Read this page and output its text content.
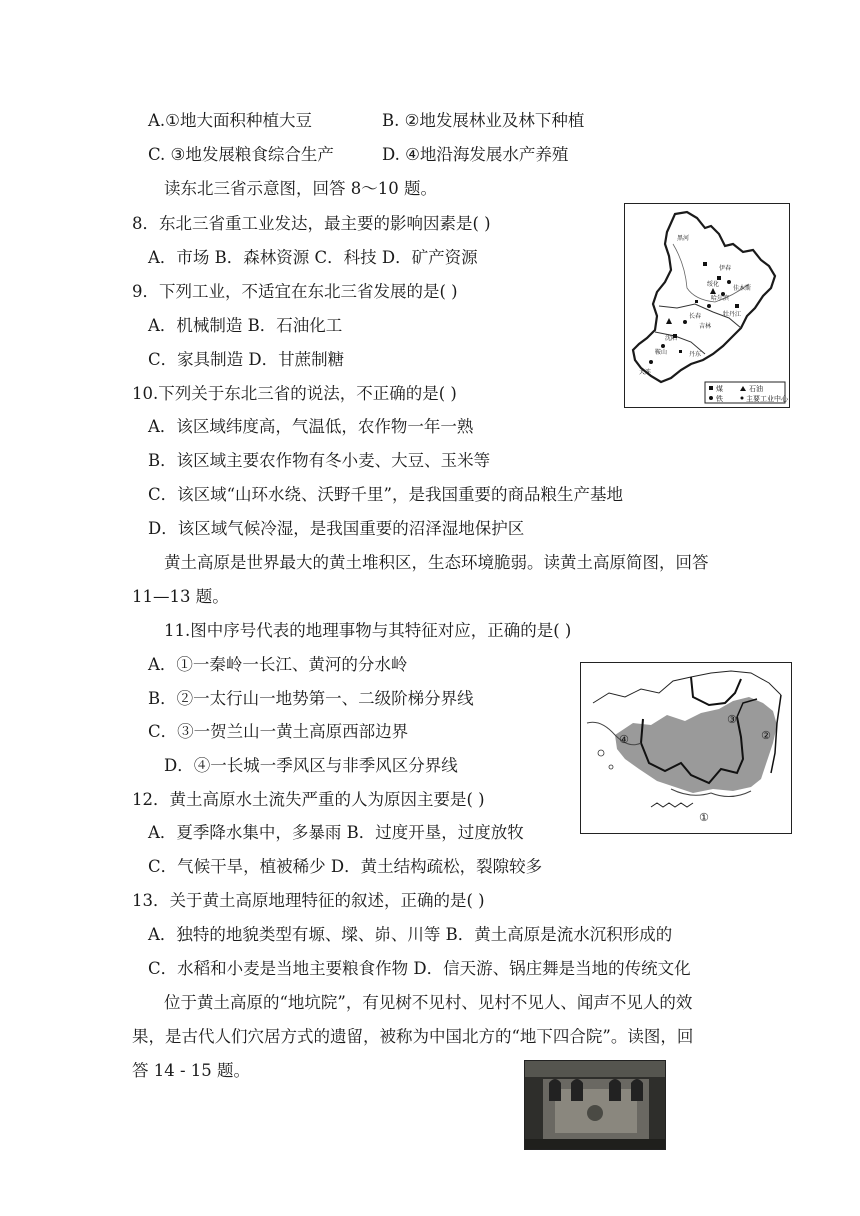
A.①地大面积种植大豆	B. ②地发展林业及林下种植
C. ③地发展粮食综合生产	D. ④地沿海发展水产养殖
读东北三省示意图，回答 8～10 题。
8．东北三省重工业发达，最主要的影响因素是( )
A．市场 B．森林资源 C．科技 D．矿产资源
9．下列工业，不适宜在东北三省发展的是( )
A．机械制造 B．石油化工
C．家具制造 D．甘蔗制糖
黑河
伊春
绥化
佳木斯
哈尔滨
牡丹江
长春
吉林
沈阳
丹东
鞍山
大连
煤	石油
铁	主要工业中心
10.下列关于东北三省的说法，不正确的是( )
A．该区域纬度高，气温低，农作物一年一熟
B．该区域主要农作物有冬小麦、大豆、玉米等
C．该区域“山环水绕、沃野千里”，是我国重要的商品粮生产基地
D．该区域气候冷湿，是我国重要的沼泽湿地保护区
黄土高原是世界最大的黄土堆积区，生态环境脆弱。读黄土高原简图，回答
11—13 题。
11.图中序号代表的地理事物与其特征对应，正确的是( )
A．①一秦岭一长江、黄河的分水岭
B．②一太行山一地势第一、二级阶梯分界线
C．③一贺兰山一黄土高原西部边界
D．④一长城一季风区与非季风区分界线
①
②
③
④
12．黄土高原水土流失严重的人为原因主要是( )
A．夏季降水集中，多暴雨 B．过度开垦，过度放牧
C．气候干旱，植被稀少 D．黄土结构疏松，裂隙较多
13．关于黄土高原地理特征的叙述，正确的是( )
A．独特的地貌类型有塬、墚、峁、川等 B．黄土高原是流水沉积形成的
C．水稻和小麦是当地主要粮食作物 D．信天游、锅庄舞是当地的传统文化
位于黄土高原的“地坑院”，有见树不见村、见村不见人、闻声不见人的效
果，是古代人们穴居方式的遗留，被称为中国北方的“地下四合院”。读图，回
答 14 - 15 题。
